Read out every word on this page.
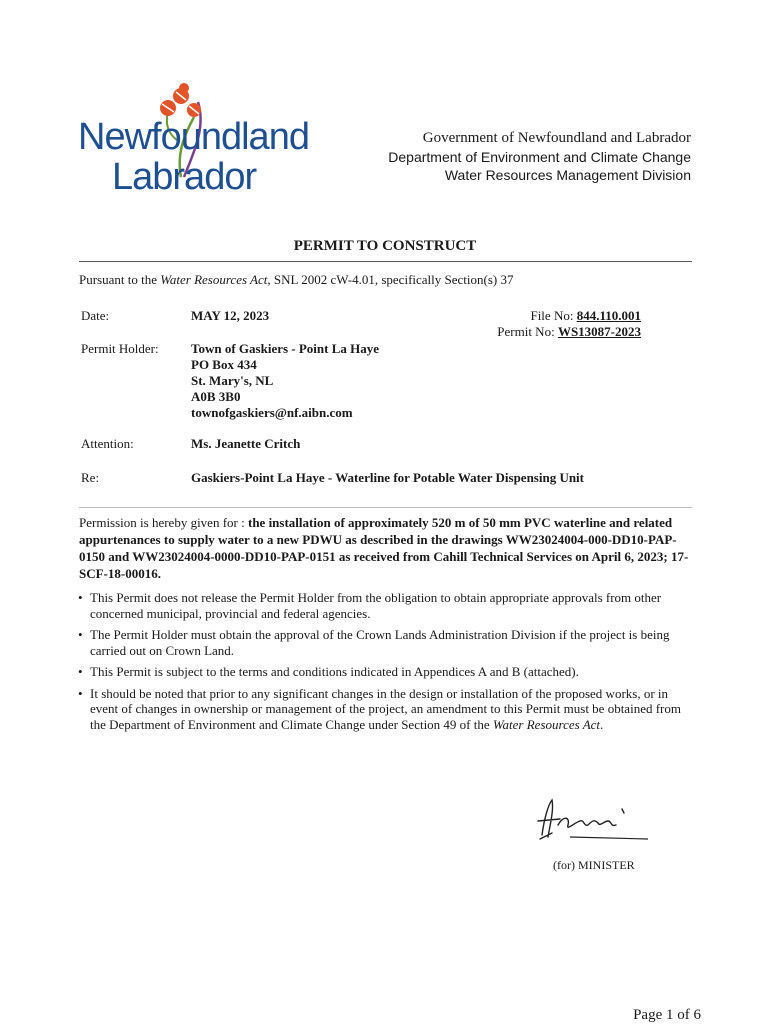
Newfoundland
Labrador
Government of Newfoundland and Labrador
Department of Environment and Climate Change
Water Resources Management Division
PERMIT TO CONSTRUCT
Pursuant to the Water Resources Act, SNL 2002 cW-4.01, specifically Section(s) 37
Date:	MAY 12, 2023	File No: 844.110.001
Permit No: WS13087-2023
Permit Holder: Town of Gaskiers - Point La Haye
PO Box 434
St. Mary's, NL
A0B 3B0
townofgaskiers@nf.aibn.com
Attention:	Ms. Jeanette Critch
Re:	Gaskiers-Point La Haye - Waterline for Potable Water Dispensing Unit
Permission is hereby given for : the installation of approximately 520 m of 50 mm PVC waterline and related appurtenances to supply water to a new PDWU as described in the drawings WW23024004-000-DD10-PAP-0150 and WW23024004-0000-DD10-PAP-0151 as received from Cahill Technical Services on April 6, 2023; 17-SCF-18-00016.
• This Permit does not release the Permit Holder from the obligation to obtain appropriate approvals from other concerned municipal, provincial and federal agencies.
• The Permit Holder must obtain the approval of the Crown Lands Administration Division if the project is being carried out on Crown Land.
• This Permit is subject to the terms and conditions indicated in Appendices A and B (attached).
• It should be noted that prior to any significant changes in the design or installation of the proposed works, or in event of changes in ownership or management of the project, an amendment to this Permit must be obtained from the Department of Environment and Climate Change under Section 49 of the Water Resources Act.
(for) MINISTER
Page 1 of 6
